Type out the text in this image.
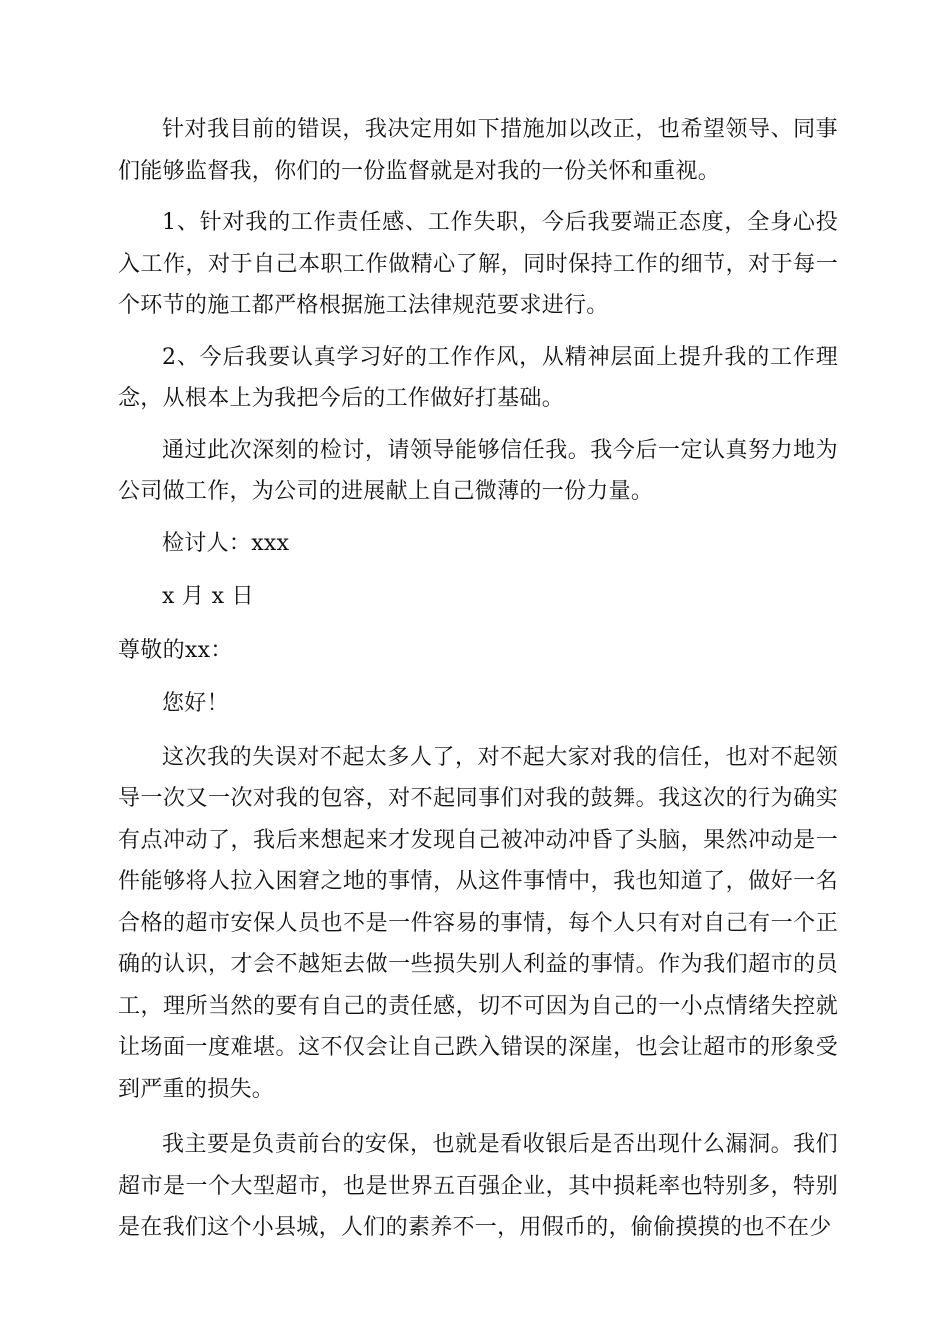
针对我目前的错误，我决定用如下措施加以改正，也希望领导、同事们能够监督我，你们的一份监督就是对我的一份关怀和重视。

1、针对我的工作责任感、工作失职，今后我要端正态度，全身心投入工作，对于自己本职工作做精心了解，同时保持工作的细节，对于每一个环节的施工都严格根据施工法律规范要求进行。

2、今后我要认真学习好的工作作风，从精神层面上提升我的工作理念，从根本上为我把今后的工作做好打基础。

通过此次深刻的检讨，请领导能够信任我。我今后一定认真努力地为公司做工作，为公司的进展献上自己微薄的一份力量。

检讨人：xxx

x 月 x 日

尊敬的xx：

您好！

这次我的失误对不起太多人了，对不起大家对我的信任，也对不起领导一次又一次对我的包容，对不起同事们对我的鼓舞。我这次的行为确实有点冲动了，我后来想起来才发现自己被冲动冲昏了头脑，果然冲动是一件能够将人拉入困窘之地的事情，从这件事情中，我也知道了，做好一名合格的超市安保人员也不是一件容易的事情，每个人只有对自己有一个正确的认识，才会不越矩去做一些损失别人利益的事情。作为我们超市的员工，理所当然的要有自己的责任感，切不可因为自己的一小点情绪失控就让场面一度难堪。这不仅会让自己跌入错误的深崖，也会让超市的形象受到严重的损失。

我主要是负责前台的安保，也就是看收银后是否出现什么漏洞。我们超市是一个大型超市，也是世界五百强企业，其中损耗率也特别多，特别是在我们这个小县城，人们的素养不一，用假币的，偷偷摸摸的也不在少
